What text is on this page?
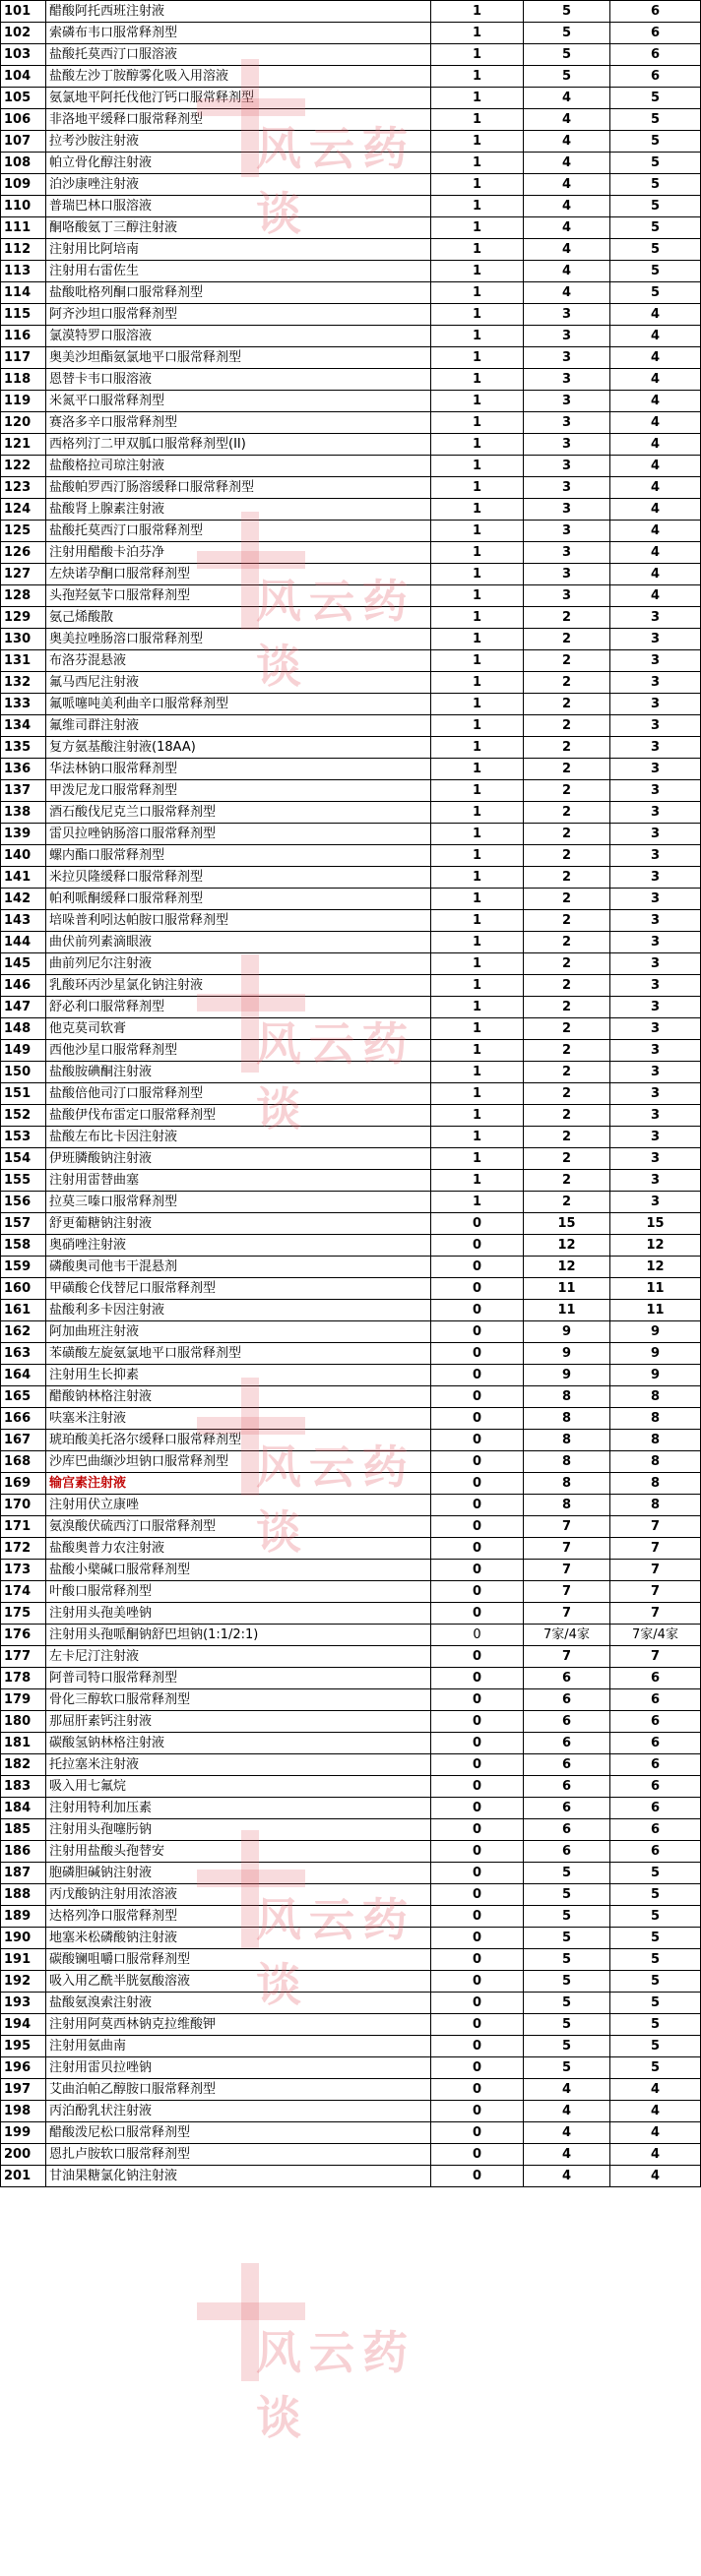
101	醋酸阿托西班注射液	1	5	6
102	索磷布韦口服常释剂型	1	5	6
103	盐酸托莫西汀口服溶液	1	5	6
104	盐酸左沙丁胺醇雾化吸入用溶液	1	5	6
105	氨氯地平阿托伐他汀钙口服常释剂型	1	4	5
106	非洛地平缓释口服常释剂型	1	4	5
107	拉考沙胺注射液	1	4	5
108	帕立骨化醇注射液	1	4	5
109	泊沙康唑注射液	1	4	5
110	普瑞巴林口服溶液	1	4	5
111	酮咯酸氨丁三醇注射液	1	4	5
112	注射用比阿培南	1	4	5
113	注射用右雷佐生	1	4	5
114	盐酸吡格列酮口服常释剂型	1	4	5
115	阿齐沙坦口服常释剂型	1	3	4
116	氯漠特罗口服溶液	1	3	4
117	奥美沙坦酯氨氯地平口服常释剂型	1	3	4
118	恩替卡韦口服溶液	1	3	4
119	米氮平口服常释剂型	1	3	4
120	赛洛多辛口服常释剂型	1	3	4
121	西格列汀二甲双胍口服常释剂型(II)	1	3	4
122	盐酸格拉司琼注射液	1	3	4
123	盐酸帕罗西汀肠溶缓释口服常释剂型	1	3	4
124	盐酸肾上腺素注射液	1	3	4
125	盐酸托莫西汀口服常释剂型	1	3	4
126	注射用醋酸卡泊芬净	1	3	4
127	左炔诺孕酮口服常释剂型	1	3	4
128	头孢羟氨苄口服常释剂型	1	3	4
129	氨己烯酸散	1	2	3
130	奥美拉唑肠溶口服常释剂型	1	2	3
131	布洛芬混悬液	1	2	3
132	氟马西尼注射液	1	2	3
133	氟哌噻吨美利曲辛口服常释剂型	1	2	3
134	氟维司群注射液	1	2	3
135	复方氨基酸注射液(18AA)	1	2	3
136	华法林钠口服常释剂型	1	2	3
137	甲泼尼龙口服常释剂型	1	2	3
138	酒石酸伐尼克兰口服常释剂型	1	2	3
139	雷贝拉唑钠肠溶口服常释剂型	1	2	3
140	螺内酯口服常释剂型	1	2	3
141	米拉贝隆缓释口服常释剂型	1	2	3
142	帕利哌酮缓释口服常释剂型	1	2	3
143	培哚普利吲达帕胺口服常释剂型	1	2	3
144	曲伏前列素滴眼液	1	2	3
145	曲前列尼尔注射液	1	2	3
146	乳酸环丙沙星氯化钠注射液	1	2	3
147	舒必利口服常释剂型	1	2	3
148	他克莫司软膏	1	2	3
149	西他沙星口服常释剂型	1	2	3
150	盐酸胺碘酮注射液	1	2	3
151	盐酸倍他司汀口服常释剂型	1	2	3
152	盐酸伊伐布雷定口服常释剂型	1	2	3
153	盐酸左布比卡因注射液	1	2	3
154	伊班膦酸钠注射液	1	2	3
155	注射用雷替曲塞	1	2	3
156	拉莫三嗪口服常释剂型	1	2	3
157	舒更葡糖钠注射液	0	15	15
158	奥硝唑注射液	0	12	12
159	磷酸奥司他韦干混悬剂	0	12	12
160	甲磺酸仑伐替尼口服常释剂型	0	11	11
161	盐酸利多卡因注射液	0	11	11
162	阿加曲班注射液	0	9	9
163	苯磺酸左旋氨氯地平口服常释剂型	0	9	9
164	注射用生长抑素	0	9	9
165	醋酸钠林格注射液	0	8	8
166	呋塞米注射液	0	8	8
167	琥珀酸美托洛尔缓释口服常释剂型	0	8	8
168	沙库巴曲缬沙坦钠口服常释剂型	0	8	8
169	输宫素注射液	0	8	8
170	注射用伏立康唑	0	8	8
171	氨溴酸伏硫西汀口服常释剂型	0	7	7
172	盐酸奥普力农注射液	0	7	7
173	盐酸小檗碱口服常释剂型	0	7	7
174	叶酸口服常释剂型	0	7	7
175	注射用头孢美唑钠	0	7	7
176	注射用头孢哌酮钠舒巴坦钠(1:1/2:1)	0	7家/4家	7家/4家
177	左卡尼汀注射液	0	7	7
178	阿普司特口服常释剂型	0	6	6
179	骨化三醇软口服常释剂型	0	6	6
180	那屈肝素钙注射液	0	6	6
181	碳酸氢钠林格注射液	0	6	6
182	托拉塞米注射液	0	6	6
183	吸入用七氟烷	0	6	6
184	注射用特利加压素	0	6	6
185	注射用头孢噻肟钠	0	6	6
186	注射用盐酸头孢替安	0	6	6
187	胞磷胆碱钠注射液	0	5	5
188	丙戊酸钠注射用浓溶液	0	5	5
189	达格列净口服常释剂型	0	5	5
190	地塞米松磷酸钠注射液	0	5	5
191	碳酸镧咀嚼口服常释剂型	0	5	5
192	吸入用乙酰半胱氨酸溶液	0	5	5
193	盐酸氨溴索注射液	0	5	5
194	注射用阿莫西林钠克拉维酸钾	0	5	5
195	注射用氨曲南	0	5	5
196	注射用雷贝拉唑钠	0	5	5
197	艾曲泊帕乙醇胺口服常释剂型	0	4	4
198	丙泊酚乳状注射液	0	4	4
199	醋酸泼尼松口服常释剂型	0	4	4
200	恩扎卢胺软口服常释剂型	0	4	4
201	甘油果糖氯化钠注射液	0	4	4
风云药谈
风云药谈
风云药谈
风云药谈
风云药谈
风云药谈
